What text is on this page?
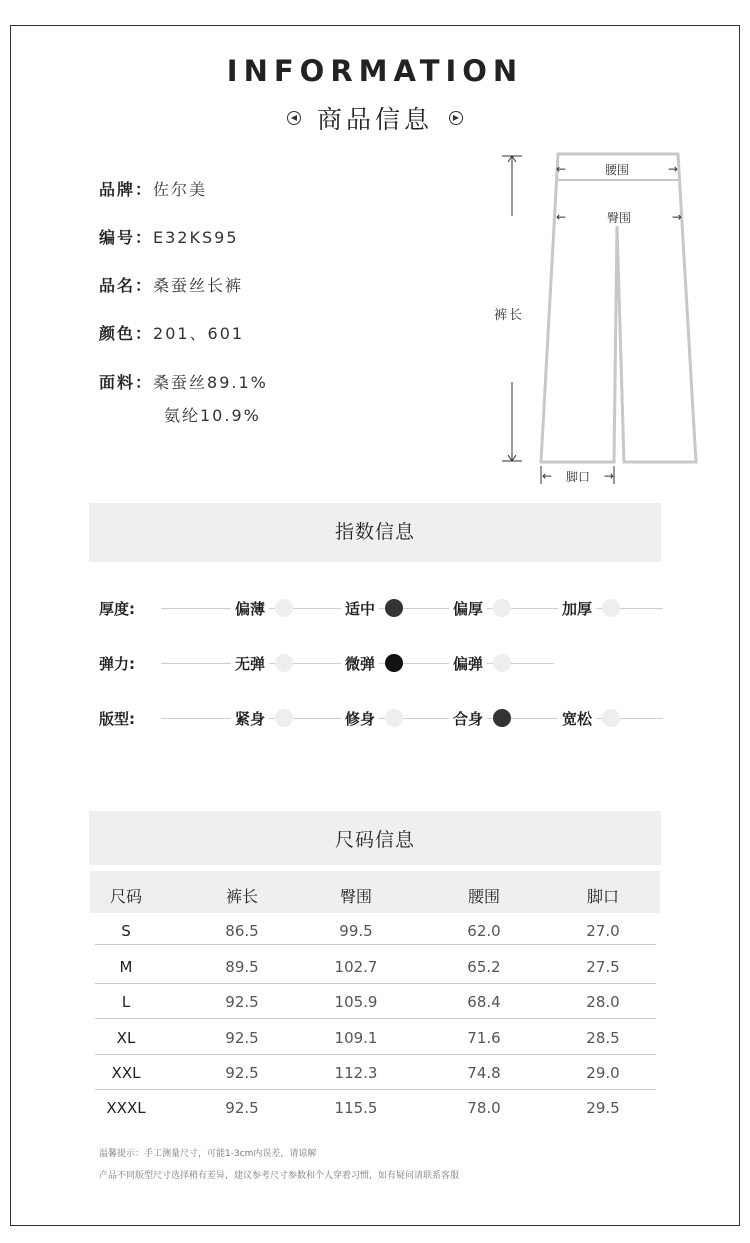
INFORMATION
◀ 商品信息	▶
品牌：佐尔美
编号：E32KS95
品名：桑蚕丝长裤
颜色：201、601
面料：桑蚕丝89.1%
氨纶10.9%
←	腰围	→
←	臀围	→
裤长
← 脚口 →
指数信息
厚度:	偏薄	适中	偏厚	加厚
弹力:	无弹	微弹	偏弹
版型:	紧身	修身	合身	宽松
尺码信息
尺码	裤长	臀围	腰围	脚口
S	86.5	99.5	62.0	27.0
M	89.5	102.7	65.2	27.5
L	92.5	105.9	68.4	28.0
XL	92.5	109.1	71.6	28.5
XXL	92.5	112.3	74.8	29.0
XXXL	92.5	115.5	78.0	29.5
温馨提示：手工测量尺寸，可能1-3cm内误差，请谅解
产品不同版型尺寸选择稍有差异，建议参考尺寸参数和个人穿着习惯，如有疑问请联系客服
